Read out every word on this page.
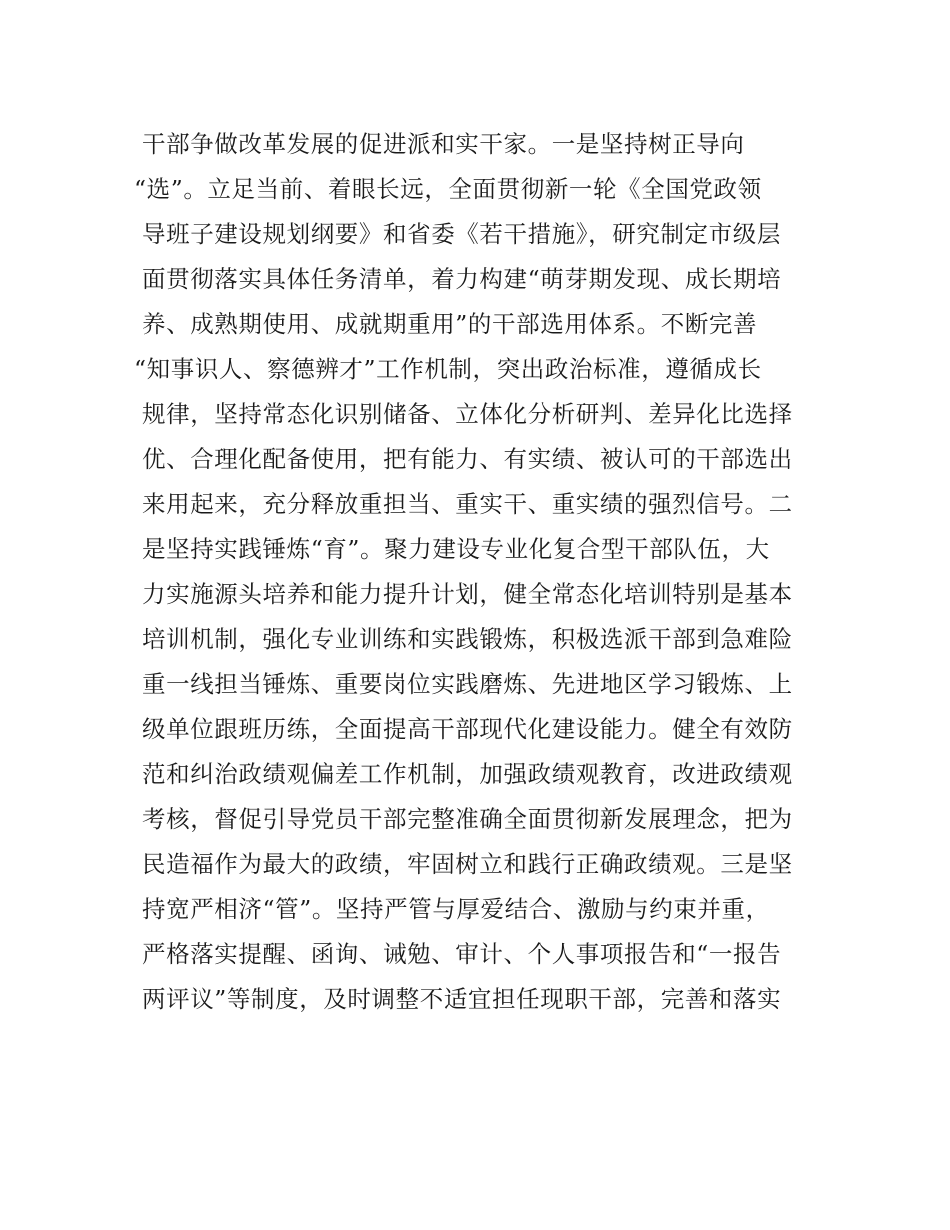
干部争做改革发展的促进派和实干家。一是坚持树正导向
“选”。立足当前、着眼长远，全面贯彻新一轮《全国党政领
导班子建设规划纲要》和省委《若干措施》，研究制定市级层
面贯彻落实具体任务清单，着力构建“萌芽期发现、成长期培
养、成熟期使用、成就期重用”的干部选用体系。不断完善
“知事识人、察德辨才”工作机制，突出政治标准，遵循成长
规律，坚持常态化识别储备、立体化分析研判、差异化比选择
优、合理化配备使用，把有能力、有实绩、被认可的干部选出
来用起来，充分释放重担当、重实干、重实绩的强烈信号。二
是坚持实践锤炼“育”。聚力建设专业化复合型干部队伍，大
力实施源头培养和能力提升计划，健全常态化培训特别是基本
培训机制，强化专业训练和实践锻炼，积极选派干部到急难险
重一线担当锤炼、重要岗位实践磨炼、先进地区学习锻炼、上
级单位跟班历练，全面提高干部现代化建设能力。健全有效防
范和纠治政绩观偏差工作机制，加强政绩观教育，改进政绩观
考核，督促引导党员干部完整准确全面贯彻新发展理念，把为
民造福作为最大的政绩，牢固树立和践行正确政绩观。三是坚
持宽严相济“管”。坚持严管与厚爱结合、激励与约束并重，
严格落实提醒、函询、诫勉、审计、个人事项报告和“一报告
两评议”等制度，及时调整不适宜担任现职干部，完善和落实
